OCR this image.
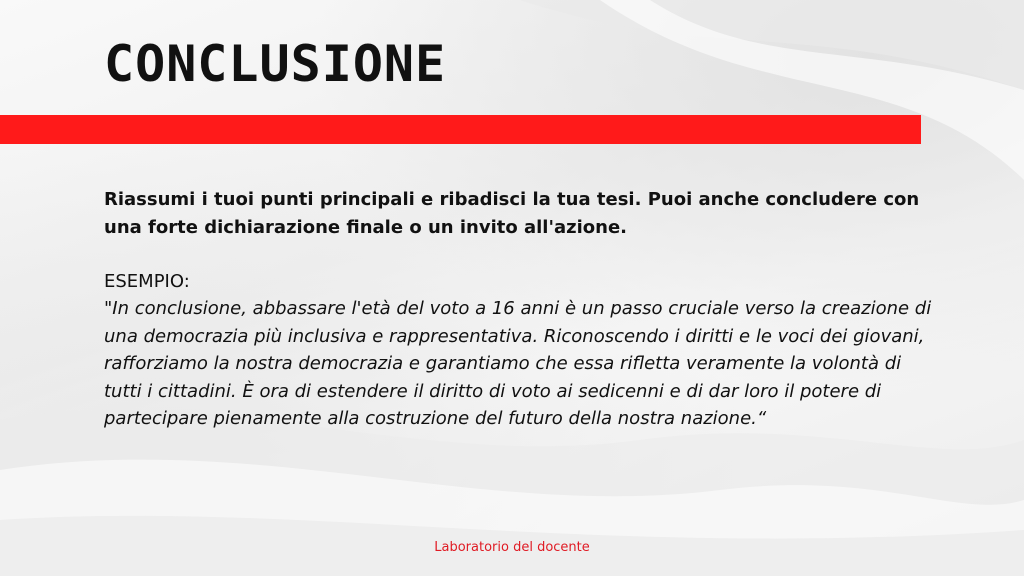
CONCLUSIONE

Riassumi i tuoi punti principali e ribadisci la tua tesi. Puoi anche concludere con una forte dichiarazione finale o un invito all'azione.

ESEMPIO:

"In conclusione, abbassare l'età del voto a 16 anni è un passo cruciale verso la creazione di una democrazia più inclusiva e rappresentativa. Riconoscendo i diritti e le voci dei giovani, rafforziamo la nostra democrazia e garantiamo che essa rifletta veramente la volontà di tutti i cittadini. È ora di estendere il diritto di voto ai sedicenni e di dar loro il potere di partecipare pienamente alla costruzione del futuro della nostra nazione.“

Laboratorio del docente
